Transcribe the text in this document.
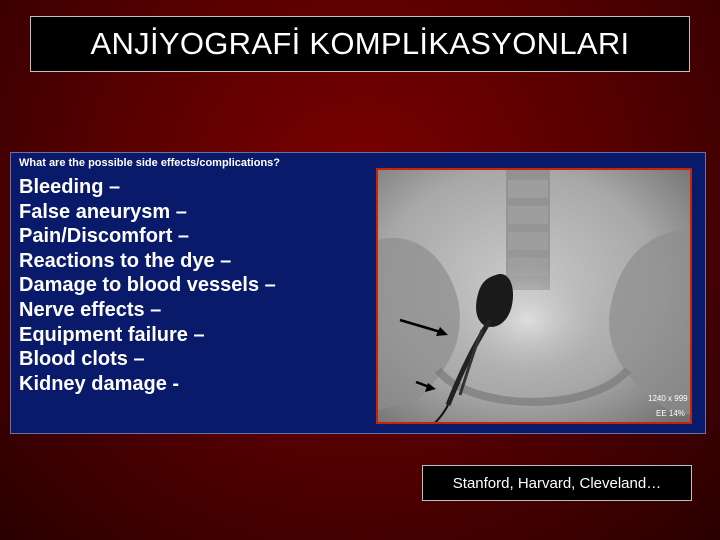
ANJİYOGRAFİ KOMPLİKASYONLARI
What are the possible side effects/complications?
Bleeding –
False aneurysm –
Pain/Discomfort –
Reactions to the dye –
Damage to blood vessels –
Nerve effects –
Equipment failure –
Blood clots –
Kidney damage -
1240 x 999
EE 14%
Stanford, Harvard, Cleveland…
